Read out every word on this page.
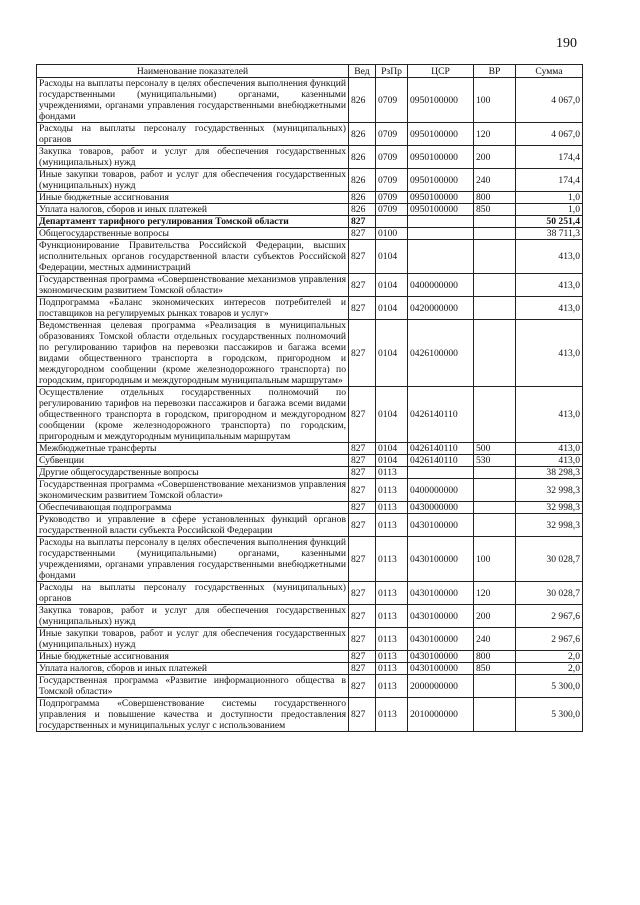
190
Наименование показателей	Вед	РзПр	ЦСР	ВР	Сумма
Расходы на выплаты персоналу в целях обеспечения выполнения функций государственными (муниципальными) органами, казенными учреждениями, органами управления государственными внебюджетными фондами	826	0709	0950100000	100	4 067,0
Расходы на выплаты персоналу государственных (муниципальных) органов	826	0709	0950100000	120	4 067,0
Закупка товаров, работ и услуг для обеспечения государственных (муниципальных) нужд	826	0709	0950100000	200	174,4
Иные закупки товаров, работ и услуг для обеспечения государственных (муниципальных) нужд	826	0709	0950100000	240	174,4
Иные бюджетные ассигнования	826	0709	0950100000	800	1,0
Уплата налогов, сборов и иных платежей	826	0709	0950100000	850	1,0
Департамент тарифного регулирования Томской области	827				50 251,4
Общегосударственные вопросы	827	0100			38 711,3
Функционирование Правительства Российской Федерации, высших исполнительных органов государственной власти субъектов Российской Федерации, местных администраций	827	0104			413,0
Государственная программа «Совершенствование механизмов управления экономическим развитием Томской области»	827	0104	0400000000		413,0
Подпрограмма «Баланс экономических интересов потребителей и поставщиков на регулируемых рынках товаров и услуг»	827	0104	0420000000		413,0
Ведомственная целевая программа «Реализация в муниципальных образованиях Томской области отдельных государственных полномочий по регулированию тарифов на перевозки пассажиров и багажа всеми видами общественного транспорта в городском, пригородном и междугородном сообщении (кроме железнодорожного транспорта) по городским, пригородным и междугородным муниципальным маршрутам»	827	0104	0426100000		413,0
Осуществление отдельных государственных полномочий по регулированию тарифов на перевозки пассажиров и багажа всеми видами общественного транспорта в городском, пригородном и междугородном сообщении (кроме железнодорожного транспорта) по городским, пригородным и междугородным муниципальным маршрутам	827	0104	0426140110		413,0
Межбюджетные трансферты	827	0104	0426140110	500	413,0
Субвенции	827	0104	0426140110	530	413,0
Другие общегосударственные вопросы	827	0113			38 298,3
Государственная программа «Совершенствование механизмов управления экономическим развитием Томской области»	827	0113	0400000000		32 998,3
Обеспечивающая подпрограмма	827	0113	0430000000		32 998,3
Руководство и управление в сфере установленных функций органов государственной власти субъекта Российской Федерации	827	0113	0430100000		32 998,3
Расходы на выплаты персоналу в целях обеспечения выполнения функций государственными (муниципальными) органами, казенными учреждениями, органами управления государственными внебюджетными фондами	827	0113	0430100000	100	30 028,7
Расходы на выплаты персоналу государственных (муниципальных) органов	827	0113	0430100000	120	30 028,7
Закупка товаров, работ и услуг для обеспечения государственных (муниципальных) нужд	827	0113	0430100000	200	2 967,6
Иные закупки товаров, работ и услуг для обеспечения государственных (муниципальных) нужд	827	0113	0430100000	240	2 967,6
Иные бюджетные ассигнования	827	0113	0430100000	800	2,0
Уплата налогов, сборов и иных платежей	827	0113	0430100000	850	2,0
Государственная программа «Развитие информационного общества в Томской области»	827	0113	2000000000		5 300,0
Подпрограмма «Совершенствование системы государственного управления и повышение качества и доступности предоставления государственных и муниципальных услуг с использованием	827	0113	2010000000		5 300,0
